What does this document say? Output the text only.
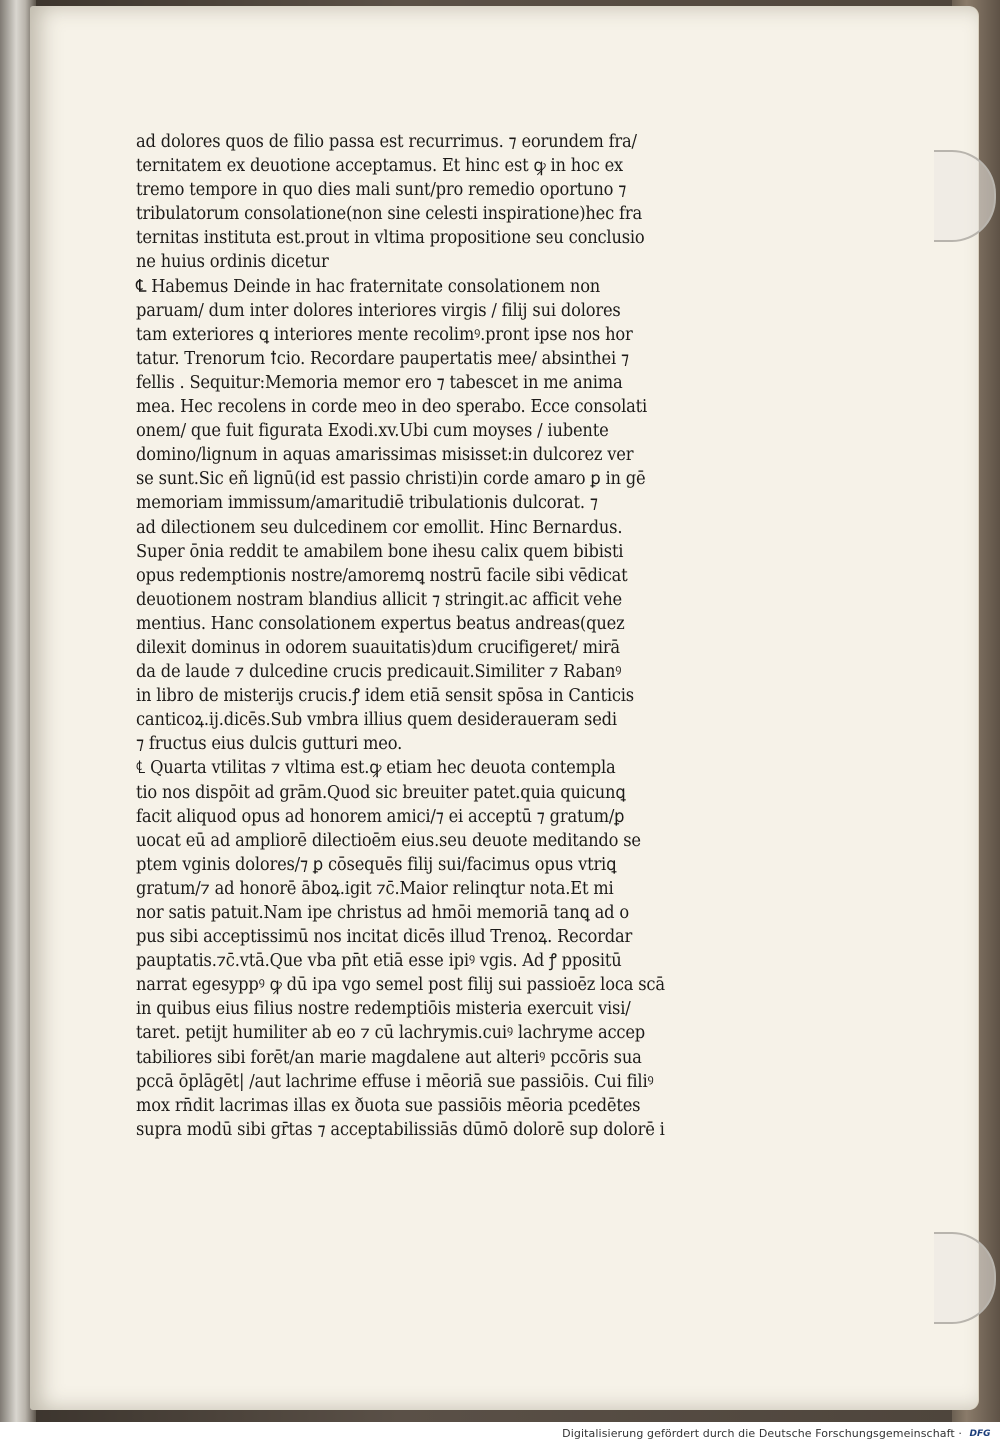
ad dolores quos de filio passa est recurrimus. ⁊ eorundem fra/
ternitatem ex deuotione acceptamus. Et hinc est ꝙ in hoc ex
tremo tempore in quo dies mali sunt/pro remedio oportuno ⁊
tribulatorum consolatione(non sine celesti inspiratione)hec fra
ternitas instituta est.prout in vltima propositione seu conclusio
ne huius ordinis dicetur
℄ Habemus Deinde in hac fraternitate consolationem non
paruam/ dum inter dolores interiores virgis / filij sui dolores
tam exteriores ꝗ interiores mente recolimꝰ.pront ipse nos hor
tatur. Trenorum ꝉcio. Recordare paupertatis mee/ absinthei ⁊
fellis . Sequitur:Memoria memor ero ⁊ tabescet in me anima
mea. Hec recolens in corde meo in deo sperabo. Ecce consolati
onem/ que fuit figurata Exodi.xv.Ubi cum moyses / iubente
domino/lignum in aquas amarissimas misisset:in dulcorez ver
se sunt.Sic eñ lignū(id est passio christi)in corde amaro ꝑ in gē
memoriam immissum/amaritudiē tribulationis dulcorat. ⁊
ad dilectionem seu dulcedinem cor emollit. Hinc Bernardus.
Super ōnia reddit te amabilem bone ihesu calix quem bibisti
opus redemptionis nostre/amoremꝗ nostrū facile sibi vēdicat
deuotionem nostram blandius allicit ⁊ stringit.ac afficit vehe
mentius. Hanc consolationem expertus beatus andreas(quez
dilexit dominus in odorem suauitatis)dum crucifigeret/ mirā
da de laude ⁊ dulcedine crucis predicauit.Similiter ⁊ Rabanꝰ
in libro de misterijs crucis.ꝭ idem etiā sensit spōsa in Canticis
canticoꝝ.ij.dicēs.Sub vmbra illius quem desideraueram sedi
⁊ fructus eius dulcis gutturi meo.
℄ Quarta vtilitas ⁊ vltima est.ꝙ etiam hec deuota contempla
tio nos dispōit ad grām.Quod sic breuiter patet.quia quicunꝗ
facit aliquod opus ad honorem amici/⁊ ei acceptū ⁊ gratum/ꝑ
uocat eū ad ampliorē dilectioēm eius.seu deuote meditando se
ptem vginis dolores/⁊ ꝑ cōsequēs filij sui/facimus opus vtriꝗ
gratum/⁊ ad honorē āboꝝ.igit ⁊c̄.Maior relinqtur nota.Et mi
nor satis patuit.Nam ipe christus ad hmōi memoriā tanꝗ ad o
pus sibi acceptissimū nos incitat dicēs illud Trenoꝝ. Recordar
pauptatis.⁊c̄.vtā.Que vba pn̄t etiā esse ipiꝰ vgis. Ad ꝭ ppositū
narrat egesyppꝰ ꝙ dū ipa vgo semel post filij sui passioēz loca scā
in quibus eius filius nostre redemptiōis misteria exercuit visi/
taret. petijt humiliter ab eo ⁊ cū lachrymis.cuiꝰ lachryme accep
tabiliores sibi forēt/an marie magdalene aut alteriꝰ pccōris sua
pccā ōplāgēt| /aut lachrime effuse i mēoriā sue passiōis. Cui filiꝰ
mox rn̄dit lacrimas illas ex ðuota sue passiōis mēoria pcedētes
supra modū sibi gr̄tas ⁊ acceptabilissiās dūmō dolorē sup dolorē i
Digitalisierung gefördert durch die Deutsche Forschungsgemeinschaft · DFG
